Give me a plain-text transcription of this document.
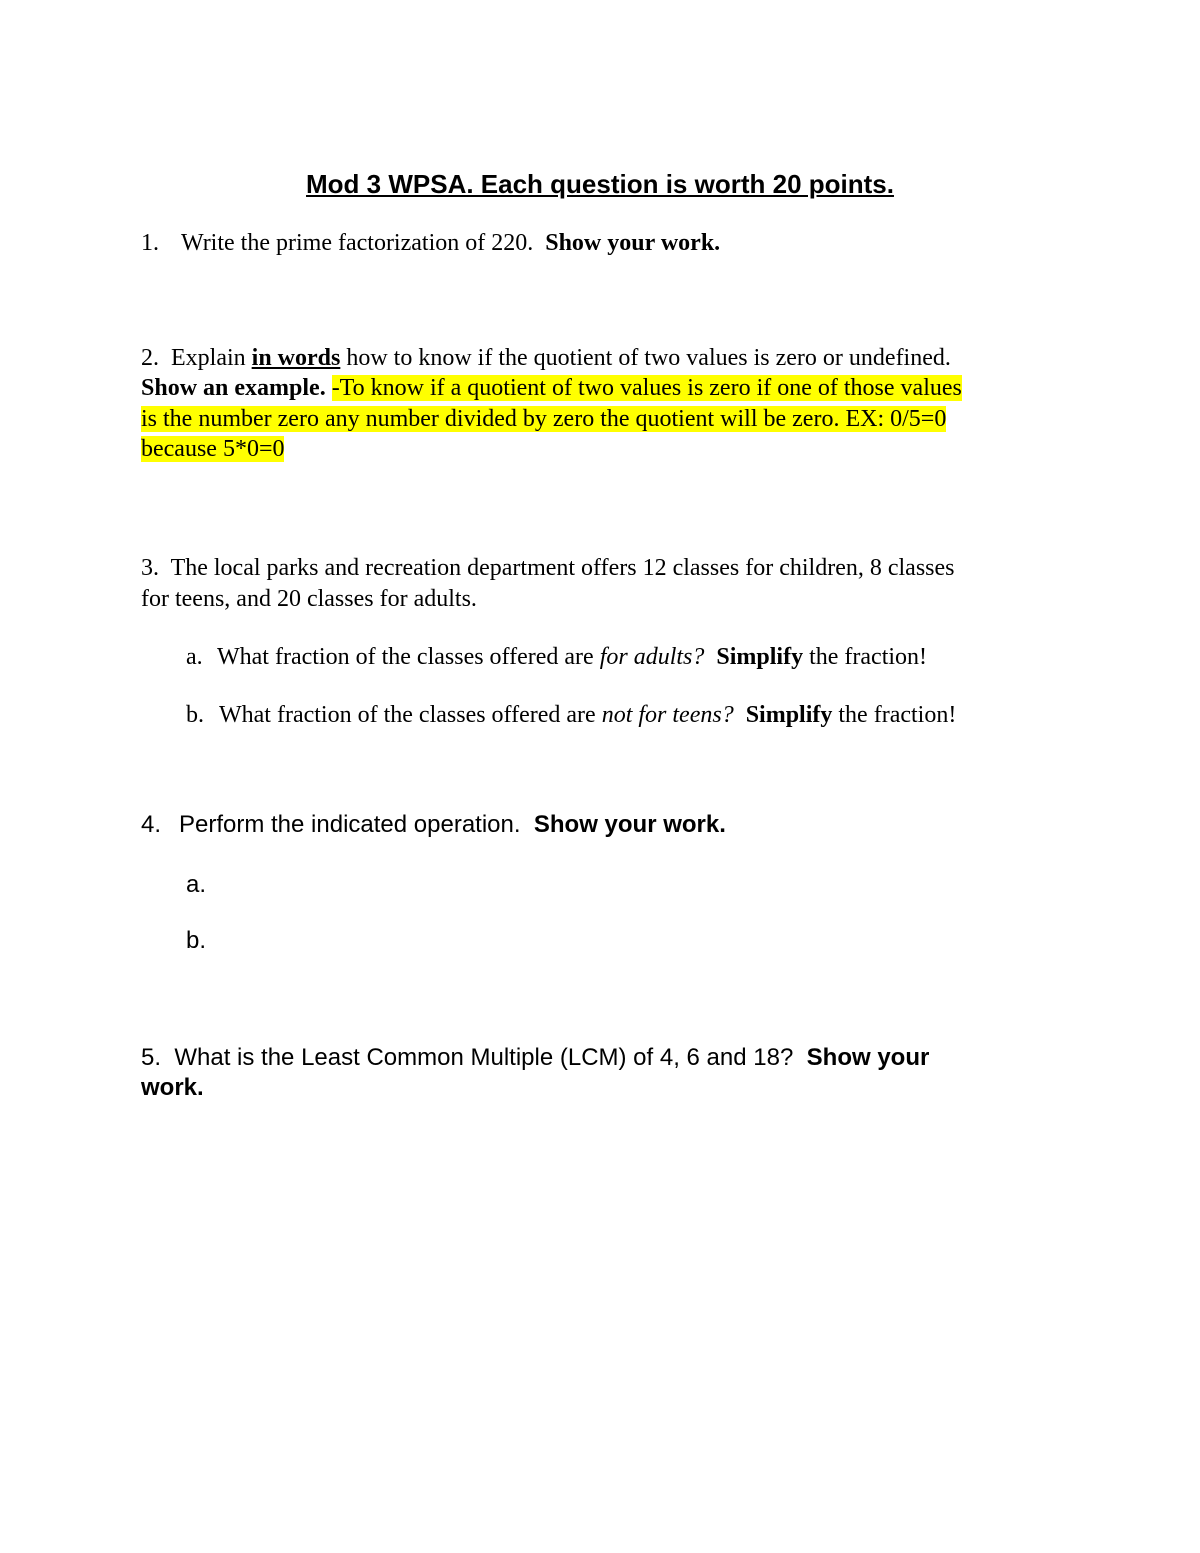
Mod 3 WPSA. Each question is worth 20 points.
1. Write the prime factorization of 220. Show your work.
2. Explain in words how to know if the quotient of two values is zero or undefined.
Show an example. -To know if a quotient of two values is zero if one of those values
is the number zero any number divided by zero the quotient will be zero. EX: 0/5=0
because 5*0=0
3. The local parks and recreation department offers 12 classes for children, 8 classes
for teens, and 20 classes for adults.
a. What fraction of the classes offered are for adults? Simplify the fraction!
b. What fraction of the classes offered are not for teens? Simplify the fraction!
4. Perform the indicated operation. Show your work.
a.
b.
5. What is the Least Common Multiple (LCM) of 4, 6 and 18? Show your
work.
